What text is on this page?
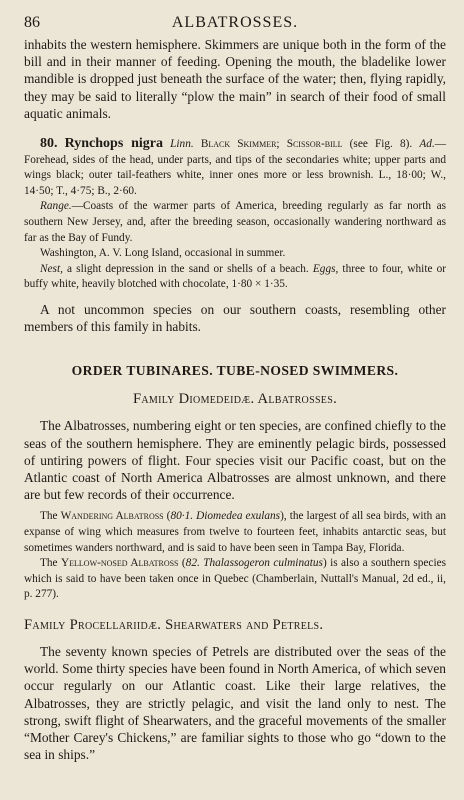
86	ALBATROSSES.

inhabits the western hemisphere. Skimmers are unique both in the form of the bill and in their manner of feeding. Opening the mouth, the bladelike lower mandible is dropped just beneath the surface of the water; then, flying rapidly, they may be said to literally “plow the main” in search of their food of small aquatic animals.

80. Rynchops nigra Linn. Black Skimmer; Scissor-bill (see Fig. 8). Ad.—Forehead, sides of the head, under parts, and tips of the secondaries white; upper parts and wings black; outer tail-feathers white, inner ones more or less brownish. L., 18·00; W., 14·50; T., 4·75; B., 2·60.

Range.—Coasts of the warmer parts of America, breeding regularly as far north as southern New Jersey, and, after the breeding season, occasionally wandering northward as far as the Bay of Fundy.

Washington, A. V. Long Island, occasional in summer.

Nest, a slight depression in the sand or shells of a beach. Eggs, three to four, white or buffy white, heavily blotched with chocolate, 1·80 × 1·35.

A not uncommon species on our southern coasts, resembling other members of this family in habits.

ORDER TUBINARES. TUBE-NOSED SWIMMERS.
Family Diomedeidæ. Albatrosses.

The Albatrosses, numbering eight or ten species, are confined chiefly to the seas of the southern hemisphere. They are eminently pelagic birds, possessed of untiring powers of flight. Four species visit our Pacific coast, but on the Atlantic coast of North America Albatrosses are almost unknown, and there are but few records of their occurrence.

The Wandering Albatross (80·1. Diomedea exulans), the largest of all sea birds, with an expanse of wing which measures from twelve to fourteen feet, inhabits antarctic seas, but sometimes wanders northward, and is said to have been seen in Tampa Bay, Florida.

The Yellow-nosed Albatross (82. Thalassogeron culminatus) is also a southern species which is said to have been taken once in Quebec (Chamberlain, Nuttall's Manual, 2d ed., ii, p. 277).

Family Procellariidæ. Shearwaters and Petrels.

The seventy known species of Petrels are distributed over the seas of the world. Some thirty species have been found in North America, of which seven occur regularly on our Atlantic coast. Like their large relatives, the Albatrosses, they are strictly pelagic, and visit the land only to nest. The strong, swift flight of Shearwaters, and the graceful movements of the smaller “Mother Carey's Chickens,” are familiar sights to those who go “down to the sea in ships.”
